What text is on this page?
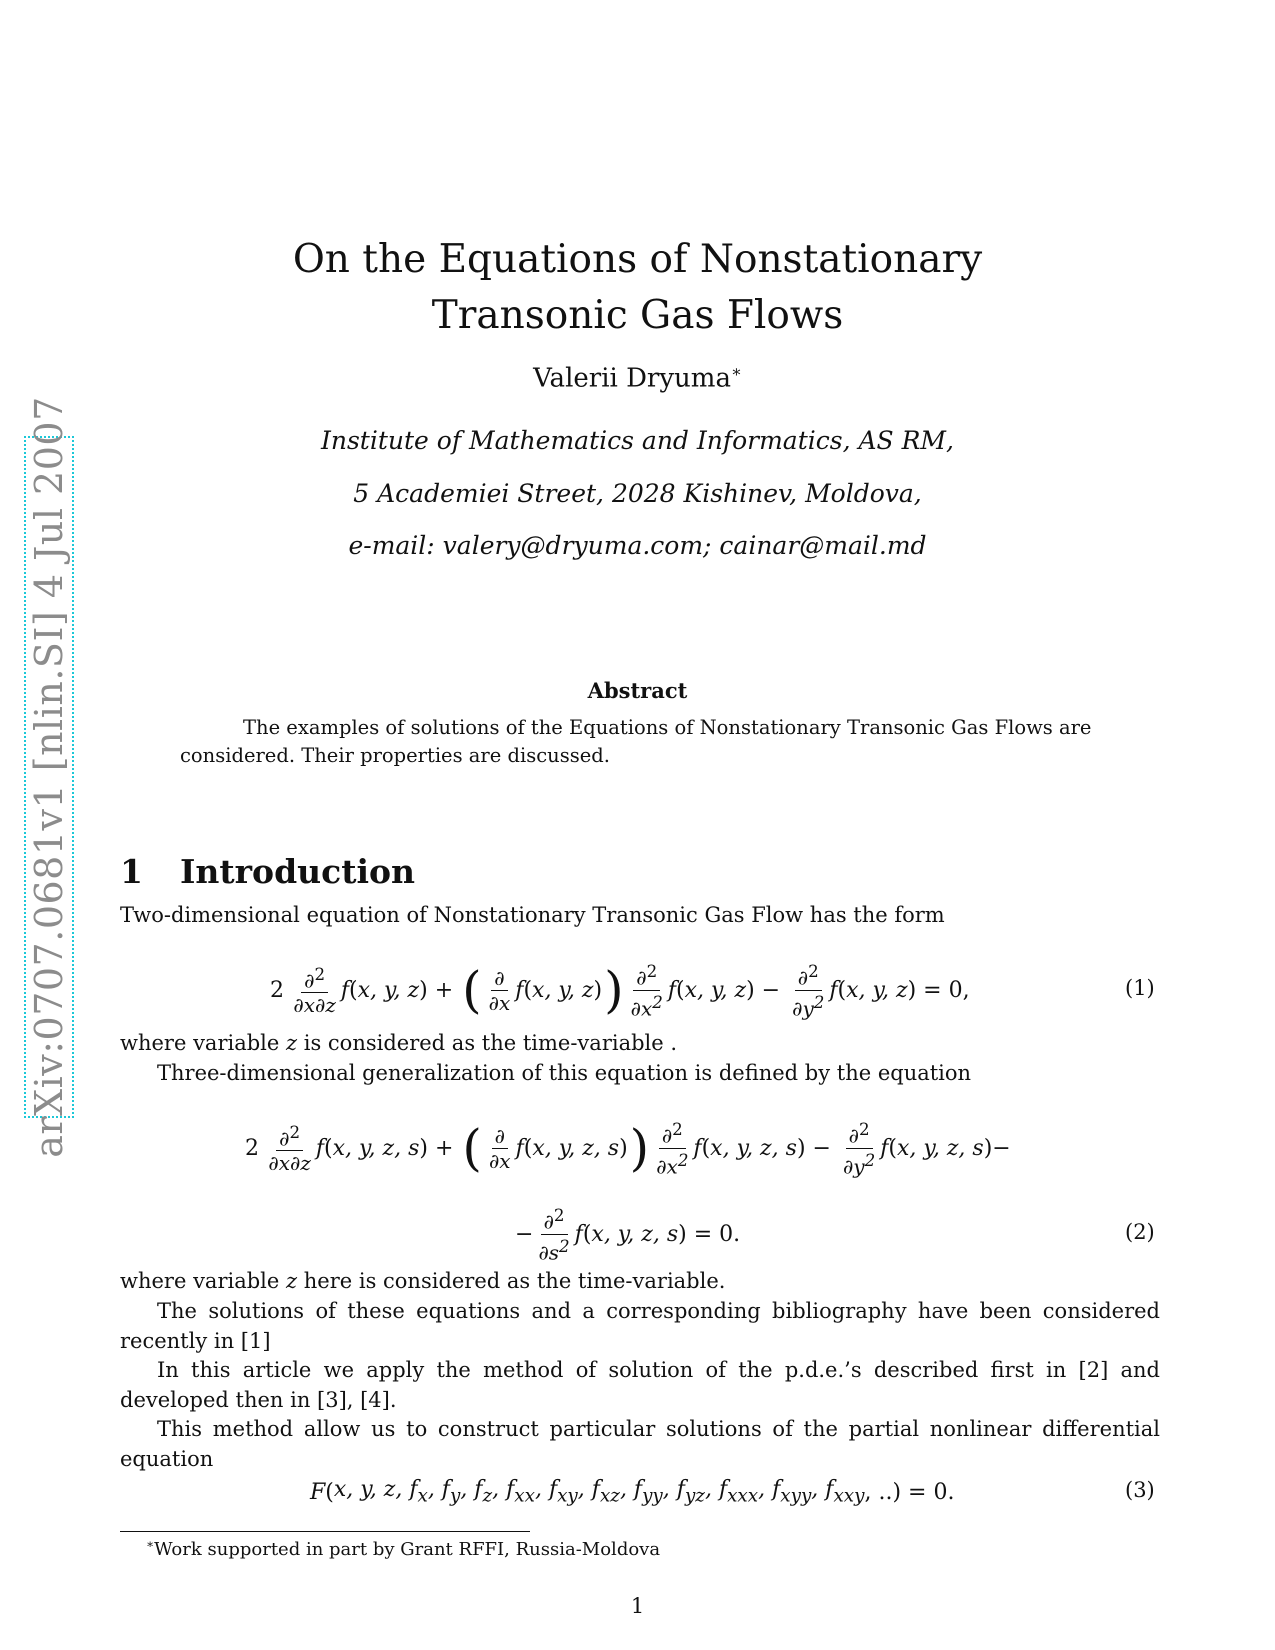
arXiv:0707.0681v1 [nlin.SI] 4 Jul 2007
On the Equations of Nonstationary
Transonic Gas Flows
Valerii Dryuma∗
Institute of Mathematics and Informatics, AS RM,
5 Academiei Street, 2028 Kishinev, Moldova,
e-mail: valery@dryuma.com; cainar@mail.md
Abstract
The examples of solutions of the Equations of Nonstationary Transonic Gas Flows are considered. Their properties are discussed.
1 Introduction
Two-dimensional equation of Nonstationary Transonic Gas Flow has the form
$2 \frac{\partial^2}{\partial x\partial z}$ f ( x, y, z ) + ( $\frac{\partial}{\partial x}$ f ( x, y, z ) ) $\frac{\partial^2}{\partial x^2}$ f ( x, y, z ) − $\frac{\partial^2}{\partial y^2}$ f ( x, y, z ) = 0,	(1)
where variable z is considered as the time-variable .
Three-dimensional generalization of this equation is defined by the equation
$2 \frac{\partial^2}{\partial x\partial z}$ f ( x, y, z, s ) + ( $\frac{\partial}{\partial x}$ f ( x, y, z, s ) ) $\frac{\partial^2}{\partial x^2}$ f ( x, y, z, s ) − $\frac{\partial^2}{\partial y^2}$ f ( x, y, z, s )−
− $\frac{\partial^2}{\partial s^2}$ f ( x, y, z, s ) = 0.	(2)
where variable z here is considered as the time-variable.
The solutions of these equations and a corresponding bibliography have been considered recently in [1]
In this article we apply the method of solution of the p.d.e.’s described first in [2] and developed then in [3], [4].
This method allow us to construct particular solutions of the partial nonlinear differential equation
F ( x, y, z, $f_x$, $f_y$, $f_z$, $f_{xx}$, $f_{xy}$, $f_{xz}$, $f_{yy}$, $f_{yz}$, $f_{xxx}$, $f_{xyy}$, $f_{xxy}$ , ..) = 0.	(3)
∗Work supported in part by Grant RFFI, Russia-Moldova
1
